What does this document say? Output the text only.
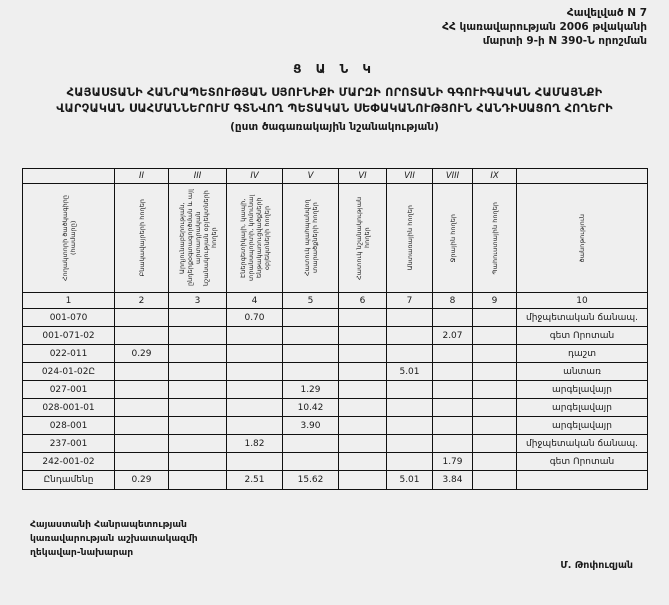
Հավելված N 7
ՀՀ կառավարության 2006 թվականի
մարտի 9-ի N 390-Ն որոշման
Ց Ա Ն Կ
ՀԱՅԱՍՏԱՆԻ ՀԱՆՐԱՊԵՏՈՒԹՅԱՆ ՍՅՈՒՆԻՔԻ ՄԱՐԶԻ ՈՐՈՏԱՆԻ ԳԳՈՒԻԳԱԿԱՆ ՀԱՄԱՅՆՔԻ
ՎԱՐՉԱԿԱՆ ՍԱՀՄԱՆՆԵՐՈՒՄ ԳՏՆՎՈՂ ՊԵՏԱԿԱՆ ՍԵՓԱԿԱՆՈՒԹՅՈՒՆ ՀԱՆԴԻՍԱՑՈՂ ՀՈՂԵՐԻ
(ըստ ծագառակային նշանակության)
	II	III	IV	V	VI	VII	VIII	IX	

Հողակտորի ծածկագիրը (համարը)	Բնակավայրերի հողեր	Արդյունաբերության, ընդերքօգտագործման և այլ արտադրական նշանակության օբյեկտների հողեր	Էներգետիկայի, կապի, տրանսպորտի, կոմունալ ենթակառուցվածքների օբյեկտների հողեր	Հատուկ պահպանվող տարածքների հողեր	Հատուկ նշանակության հողեր	Անտառային հողեր	Ջրային հողեր	Պահուստային հողեր	ծանոթություն

1	2	3	4	5	6	7	8	9	10
001-070			0.70						միջպետական ճանապ.
001-071-02							2.07		գետ Որոտան
022-011	0.29								դաշտ
024-01-02Ը						5.01			անտառ
027-001				1.29					արգելավայր
028-001-01				10.42					արգելավայր
028-001				3.90					արգելավայր
237-001			1.82						միջպետական ճանապ.
242-001-02							1.79		գետ Որոտան
Ընդամենը	0.29		2.51	15.62		5.01	3.84		
Հայաստանի Հանրապետության
կառավարության աշխատակազմի
ղեկավար-նախարար
Մ. Թոփուզյան
